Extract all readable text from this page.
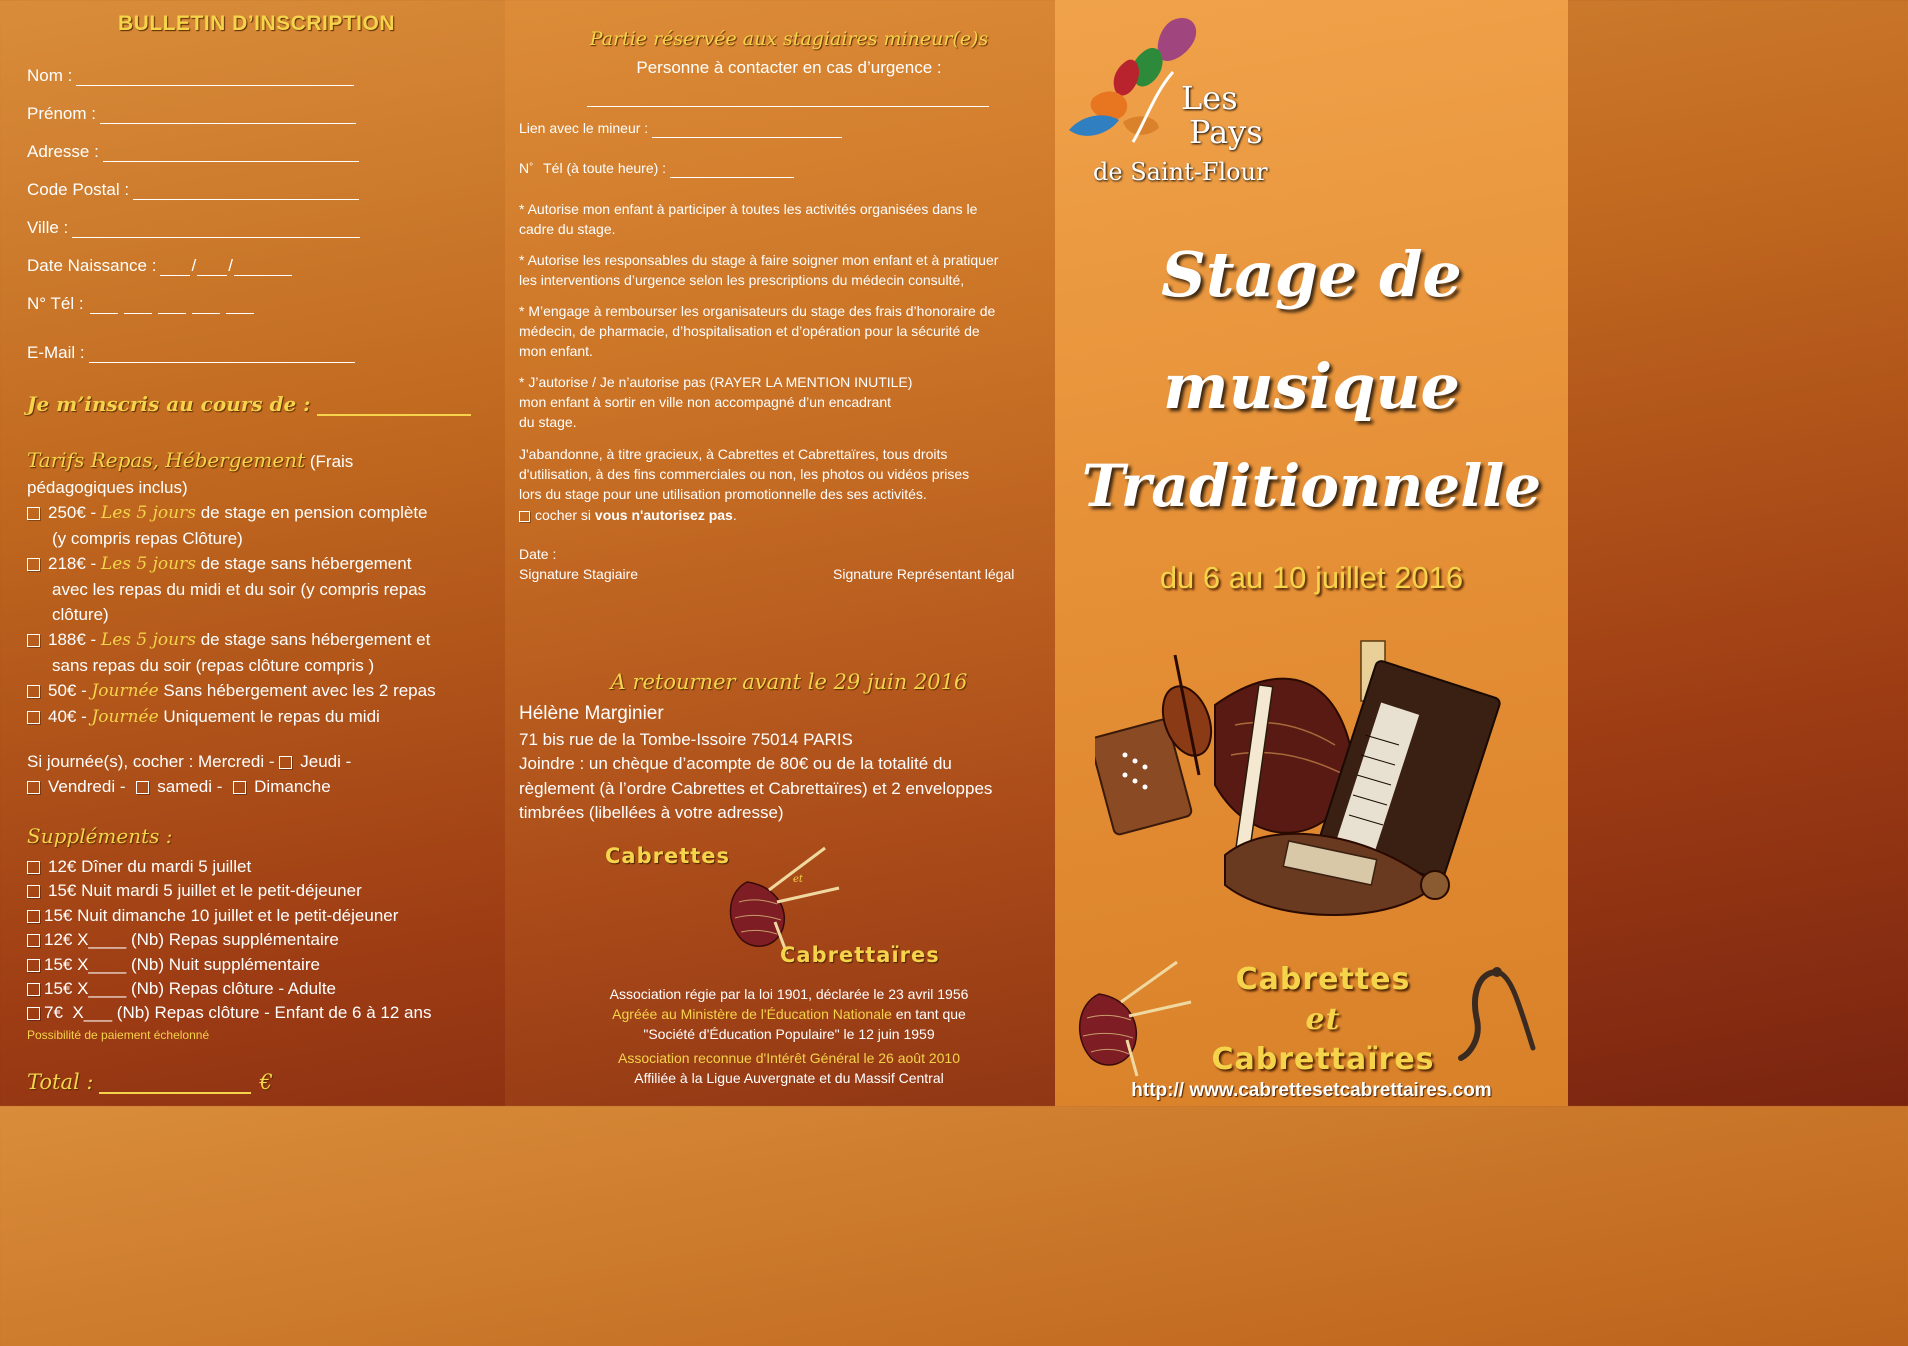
BULLETIN D’INSCRIPTION
Nom :
Prénom :
Adresse :
Code Postal :
Ville :
Date Naissance : / /
N° Tél :
E-Mail :
Je m’inscris au cours de :
Tarifs Repas, Hébergement (Frais
pédagogiques inclus)
250€ - Les 5 jours de stage en pension complète
(y compris repas Clôture)
218€ - Les 5 jours de stage sans hébergement
avec les repas du midi et du soir (y compris repas
clôture)
188€ - Les 5 jours de stage sans hébergement et
sans repas du soir (repas clôture compris )
50€ - Journée Sans hébergement avec les 2 repas
40€ - Journée Uniquement le repas du midi
Si journée(s), cocher : Mercredi - Jeudi -
Vendredi - samedi - Dimanche
Suppléments :
12€ Dîner du mardi 5 juillet
15€ Nuit mardi 5 juillet et le petit-déjeuner
15€ Nuit dimanche 10 juillet et le petit-déjeuner
12€ X____ (Nb) Repas supplémentaire
15€ X____ (Nb) Nuit supplémentaire
15€ X____ (Nb) Repas clôture - Adulte
7€  X___ (Nb) Repas clôture - Enfant de 6 à 12 ans
Possibilité de paiement échelonné
Total :	€
Partie réservée aux stagiaires mineur(e)s
Personne à contacter en cas d’urgence :
Lien avec le mineur :
N ° Tél (à toute heure) :
* Autorise mon enfant à participer à toutes les activités organisées dans le
cadre du stage.
* Autorise les responsables du stage à faire soigner mon enfant et à pratiquer
les interventions d’urgence selon les prescriptions du médecin consulté,
* M’engage à rembourser les organisateurs du stage des frais d’honoraire de
médecin, de pharmacie, d’hospitalisation et d’opération pour la sécurité de
mon enfant.
* J’autorise / Je n’autorise pas (RAYER LA MENTION INUTILE)
mon enfant à sortir en ville non accompagné d’un encadrant
du stage.
J'abandonne, à titre gracieux, à Cabrettes et Cabrettaïres, tous droits
d'utilisation, à des fins commerciales ou non, les photos ou vidéos prises
lors du stage pour une utilisation promotionnelle des ses activités.
cocher si vous n'autorisez pas.
Date :
Signature Stagiaire	Signature Représentant légal
A retourner avant le 29 juin 2016
Hélène Marginier
71 bis rue de la Tombe-Issoire 75014 PARIS
Joindre : un chèque d’acompte de 80€ ou de la totalité du
règlement (à l’ordre Cabrettes et Cabrettaïres) et 2 enveloppes
timbrées (libellées à votre adresse)
Cabrettes
et
Cabrettaïres
Association régie par la loi 1901, déclarée le 23 avril 1956
Agréée au Ministère de l'Éducation Nationale en tant que
"Société d'Éducation Populaire" le 12 juin 1959
Association reconnue d'Intérêt Général le 26 août 2010
Affiliée à la Ligue Auvergnate et du Massif Central
Les
Pays
de Saint-Flour
Stage de
musique
Traditionnelle
du 6 au 10 juillet 2016
Cabrettes
et
Cabrettaïres
http:// www.cabrettesetcabrettaires.com
